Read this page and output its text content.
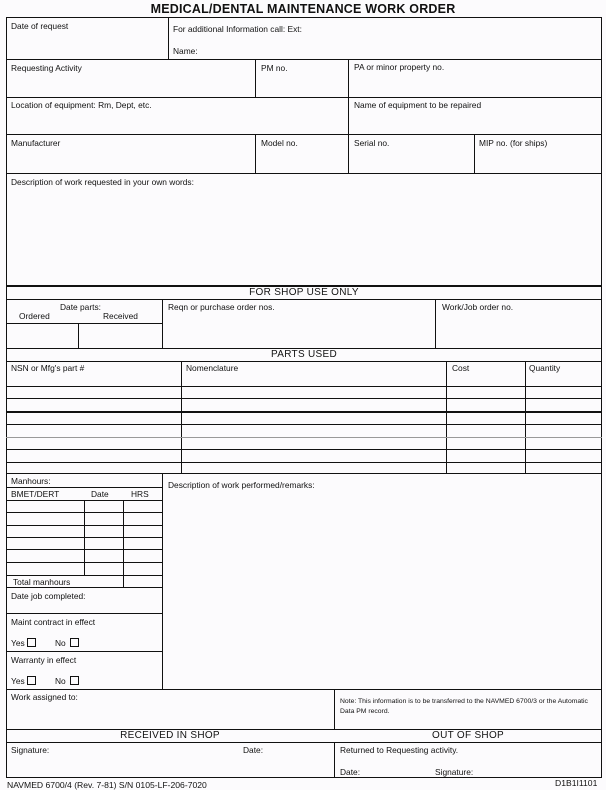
MEDICAL/DENTAL MAINTENANCE WORK ORDER
Date of request	For additional Information call: Ext:
Name:
Requesting Activity	PM no.	PA or minor property no.
Location of equipment: Rm, Dept, etc.	Name of equipment to be repaired
Manufacturer	Model no.	Serial no.	MIP no. (for ships)
Description of work requested in your own words:
FOR SHOP USE ONLY
Date parts:
Ordered	Received
Reqn or purchase order nos.	Work/Job order no.
PARTS USED
NSN or Mfg's part #	Nomenclature	Cost	Quantity
Manhours:
BMET/DERT	Date	HRS
Total manhours
Date job completed:
Maint contract in effect
Yes	No
Warranty in effect
Yes	No
Description of work performed/remarks:
Work assigned to:	Note: This information is to be transferred to the NAVMED 6700/3 or the Automatic Data PM record.
RECEIVED IN SHOP	OUT OF SHOP
Signature:	Date:	Returned to Requesting activity.
Date:	Signature:
NAVMED 6700/4 (Rev. 7-81) S/N 0105-LF-206-7020	D1B1I1101
